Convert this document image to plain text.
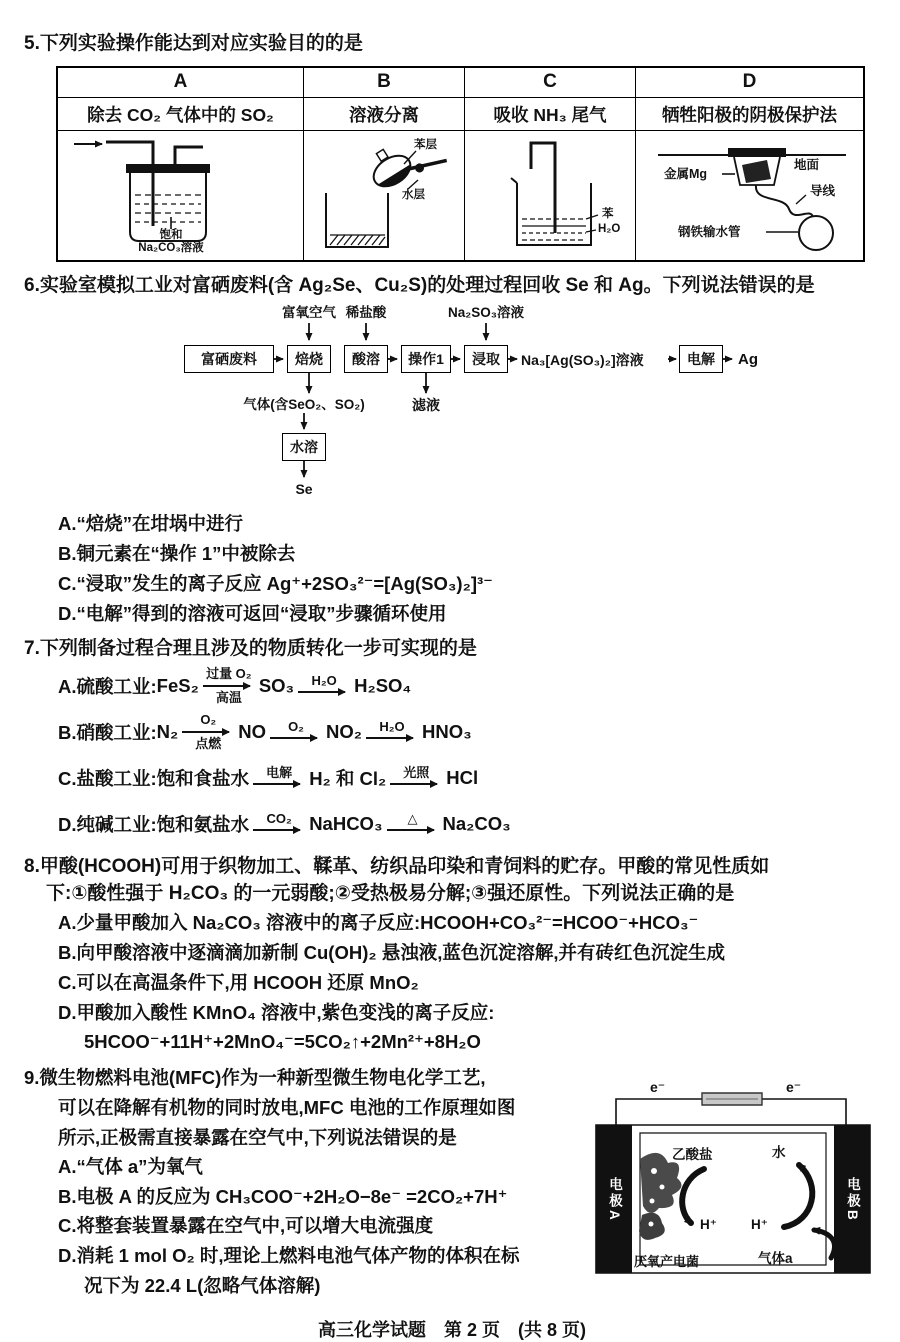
5.下列实验操作能达到对应实验目的的是
A	B	C	D
除去 CO₂ 气体中的 SO₂	溶液分离	吸收 NH₃ 尾气	牺牲阳极的阴极保护法

饱和
Na₂CO₃溶液

苯层
水层

苯
H₂O

金属Mg
地面
导线
钢铁输水管
6.实验室模拟工业对富硒废料(含 Ag₂Se、Cu₂S)的处理过程回收 Se 和 Ag。下列说法错误的是
富氧空气 稀盐酸	Na₂SO₃溶液
富硒废料	焙烧	酸溶	操作1	浸取	Na₃[Ag(SO₃)₂]溶液	电解	Ag
气体(含SeO₂、SO₂)	滤液
水溶
Se
A.“焙烧”在坩埚中进行
B.铜元素在“操作 1”中被除去
C.“浸取”发生的离子反应 Ag⁺+2SO₃²⁻=[Ag(SO₃)₂]³⁻
D.“电解”得到的溶液可返回“浸取”步骤循环使用
7.下列制备过程合理且涉及的物质转化一步可实现的是
A.硫酸工业: FeS₂
过量 O₂
高温
SO₃ H₂O H₂SO₄
B.硝酸工业: N₂
O₂
点燃
NO O₂ NO₂ H₂O HNO₃
C.盐酸工业: 饱和食盐水 电解 H₂ 和 Cl₂ 光照 HCl
D.纯碱工业: 饱和氨盐水 CO₂ NaHCO₃ △ Na₂CO₃
8.甲酸(HCOOH)可用于织物加工、鞣革、纺织品印染和青饲料的贮存。甲酸的常见性质如
下:①酸性强于 H₂CO₃ 的一元弱酸;②受热极易分解;③强还原性。下列说法正确的是
A.少量甲酸加入 Na₂CO₃ 溶液中的离子反应:HCOOH+CO₃²⁻=HCOO⁻+HCO₃⁻
B.向甲酸溶液中逐滴滴加新制 Cu(OH)₂ 悬浊液,蓝色沉淀溶解,并有砖红色沉淀生成
C.可以在高温条件下,用 HCOOH 还原 MnO₂
D.甲酸加入酸性 KMnO₄ 溶液中,紫色变浅的离子反应:
5HCOO⁻+11H⁺+2MnO₄⁻=5CO₂↑+2Mn²⁺+8H₂O
9.微生物燃料电池(MFC)作为一种新型微生物电化学工艺,
可以在降解有机物的同时放电,MFC 电池的工作原理如图
所示,正极需直接暴露在空气中,下列说法错误的是
A.“气体 a”为氧气
B.电极 A 的反应为 CH₃COO⁻+2H₂O−8e⁻ =2CO₂+7H⁺
C.将整套装置暴露在空气中,可以增大电流强度
D.消耗 1 mol O₂ 时,理论上燃料电池气体产物的体积在标
况下为 22.4 L(忽略气体溶解)
e⁻	e⁻
电极A	电极B
乙酸盐
H⁺
水
H⁺
气体a
厌氧产电菌
高三化学试题　第 2 页　(共 8 页)
